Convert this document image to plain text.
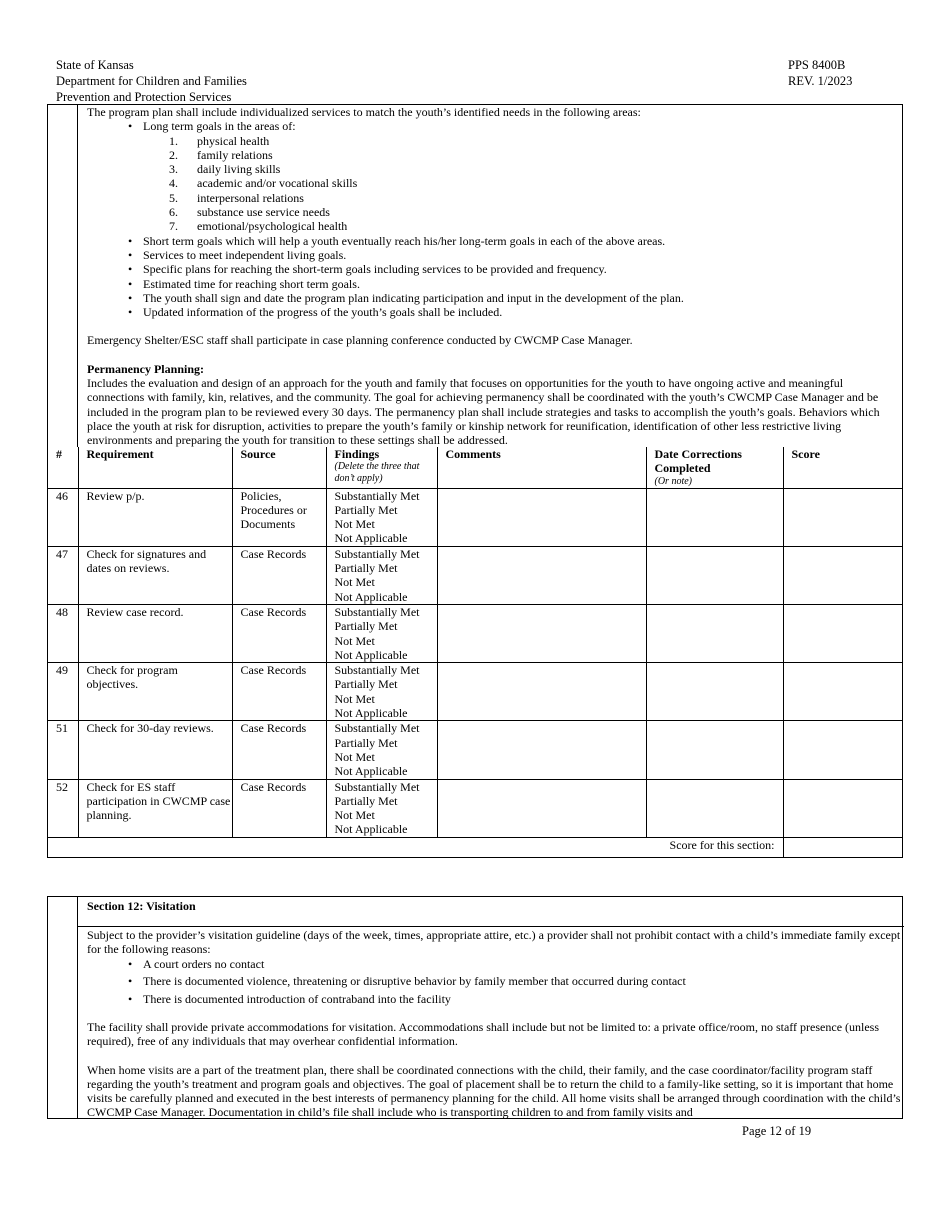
State of Kansas
Department for Children and Families
Prevention and Protection Services
PPS 8400B
REV. 1/2023

The program plan shall include individualized services to match the youth’s identified needs in the following areas:

• Long term goals in the areas of:
1. physical health
2. family relations
3. daily living skills
4. academic and/or vocational skills
5. interpersonal relations
6. substance use service needs
7. emotional/psychological health
• Short term goals which will help a youth eventually reach his/her long-term goals in each of the above areas.
• Services to meet independent living goals.
• Specific plans for reaching the short-term goals including services to be provided and frequency.
• Estimated time for reaching short term goals.
• The youth shall sign and date the program plan indicating participation and input in the development of the plan.
• Updated information of the progress of the youth’s goals shall be included.

Emergency Shelter/ESC staff shall participate in case planning conference conducted by CWCMP Case Manager.

Permanency Planning:

Includes the evaluation and design of an approach for the youth and family that focuses on opportunities for the youth to have ongoing active and meaningful connections with family, kin, relatives, and the community. The goal for achieving permanency shall be coordinated with the youth’s CWCMP Case Manager and be included in the program plan to be reviewed every 30 days. The permanency plan shall include strategies and tasks to accomplish the youth’s goals. Behaviors which place the youth at risk for disruption, activities to prepare the youth’s family or kinship network for reunification, identification of other less restrictive living environments and preparing the youth for transition to these settings shall be addressed.

#	Requirement	Source	Findings
(Delete the three that don’t apply)	Comments	Date Corrections Completed
(Or note)	Score
46	Review p/p.	Policies, Procedures or Documents	Substantially Met
Partially Met
Not Met
Not Applicable			

47	Check for signatures and dates on reviews.	Case Records	Substantially Met
Partially Met
Not Met
Not Applicable			

48	Review case record.	Case Records	Substantially Met
Partially Met
Not Met
Not Applicable			

49	Check for program objectives.	Case Records	Substantially Met
Partially Met
Not Met
Not Applicable			

51	Check for 30-day reviews.	Case Records	Substantially Met
Partially Met
Not Met
Not Applicable			

52	Check for ES staff participation in CWCMP case planning.	Case Records	Substantially Met
Partially Met
Not Met
Not Applicable			

Score for this section:						
Section 12: Visitation

Subject to the provider’s visitation guideline (days of the week, times, appropriate attire, etc.) a provider shall not prohibit contact with a child’s immediate family except for the following reasons:

• A court orders no contact
• There is documented violence, threatening or disruptive behavior by family member that occurred during contact
• There is documented introduction of contraband into the facility

The facility shall provide private accommodations for visitation. Accommodations shall include but not be limited to: a private office/room, no staff presence (unless required), free of any individuals that may overhear confidential information.

When home visits are a part of the treatment plan, there shall be coordinated connections with the child, their family, and the case coordinator/facility program staff regarding the youth’s treatment and program goals and objectives. The goal of placement shall be to return the child to a family-like setting, so it is important that home visits be carefully planned and executed in the best interests of permanency planning for the child. All home visits shall be arranged through coordination with the child’s CWCMP Case Manager. Documentation in child’s file shall include who is transporting children to and from family visits and

Page 12 of 19
